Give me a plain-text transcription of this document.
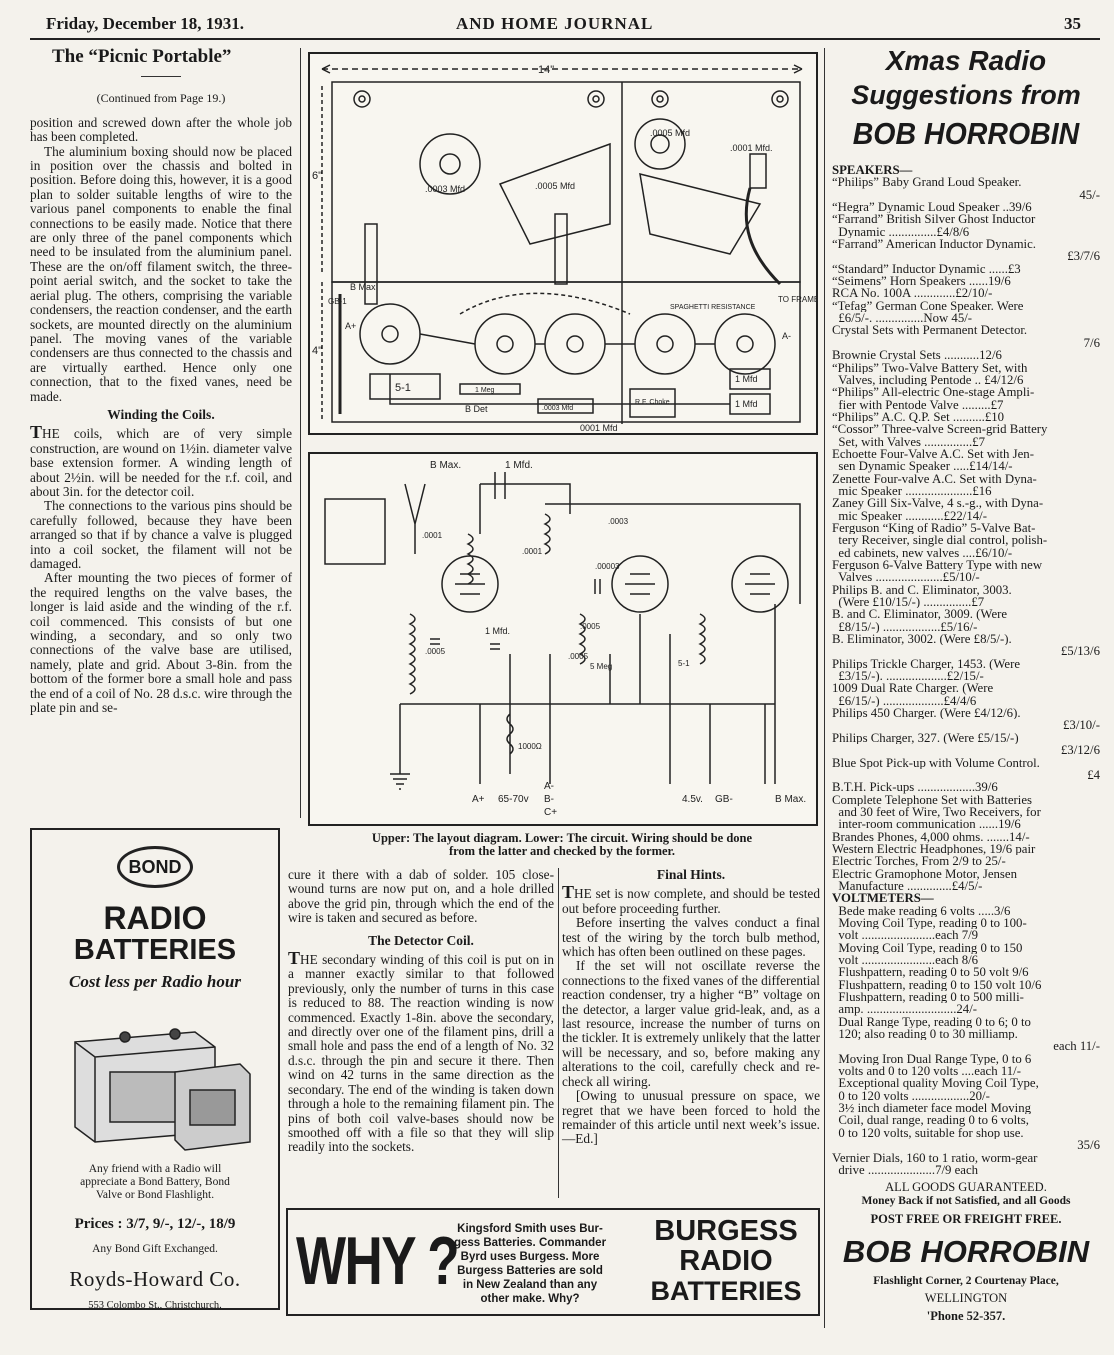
Friday, December 18, 1931.	AND HOME JOURNAL	35
The “Picnic Portable”
(Continued from Page 19.)

position and screwed down after the whole job has been completed.

The aluminium boxing should now be placed in position over the chassis and bolted in position. Before doing this, however, it is a good plan to solder suitable lengths of wire to the various panel components to enable the final connections to be easily made. Notice that there are only three of the panel components which need to be insulated from the aluminium panel. These are the on/off filament switch, the three-point aerial switch, and the socket to take the aerial plug. The others, comprising the variable condensers, the reaction condenser, and the earth sockets, are mounted directly on the aluminium panel. The moving vanes of the variable condensers are thus connected to the chassis and are virtually earthed. Hence only one connection, that to the fixed vanes, need be made.

Winding the Coils.

THE coils, which are of very simple construction, are wound on 1½in. diameter valve base extension former. A winding length of about 2½in. will be needed for the r.f. coil, and about 3in. for the detector coil.

The connections to the various pins should be carefully followed, because they have been arranged so that if by chance a valve is plugged into a coil socket, the filament will not be damaged.

After mounting the two pieces of former of the required lengths on the valve bases, the longer is laid aside and the winding of the r.f. coil commenced. This consists of but one winding, a secondary, and so only two connections of the valve base are utilised, namely, plate and grid. About 3-8in. from the bottom of the former bore a small hole and pass the end of a coil of No. 28 d.s.c. wire through the plate pin and se-

14"
6"
4"
.0003 Mfd	.0005 Mfd
.0005 Mfd
.0001 Mfd.
SPAGHETTI RESISTANCE
TO FRAME
A-
A+
B Max
5-1	1 Meg
B Det	.0003 Mfd
R.F. Choke
1 Mfd
1 Mfd
0001 Mfd
GB-1
B Max.	1 Mfd.
.0001
.0003
.0001
.00003
.0005
.0005
1 Mfd.
.0005
5 Meg
1000Ω
5-1
A+ 65-70v
A-
B-
C+
4.5v. GB-	B Max.
Upper: The layout diagram. Lower: The circuit. Wiring should be done
from the latter and checked by the former.
BOND
RADIO
BATTERIES
Cost less per Radio hour
Any friend with a Radio will
appreciate a Bond Battery, Bond
Valve or Bond Flashlight.
Prices : 3/7, 9/-, 12/-, 18/9
Any Bond Gift Exchanged.
Royds-Howard Co.
553 Colombo St., Christchurch.

cure it there with a dab of solder. 105 close-wound turns are now put on, and a hole drilled above the grid pin, through which the end of the wire is taken and secured as before.

The Detector Coil.

THE secondary winding of this coil is put on in a manner exactly similar to that followed previously, only the number of turns in this case is reduced to 88. The reaction winding is now commenced. Exactly 1-8in. above the secondary, and directly over one of the filament pins, drill a small hole and pass the end of a length of No. 32 d.s.c. through the pin and secure it there. Then wind on 42 turns in the same direction as the secondary. The end of the winding is taken down through a hole to the remaining filament pin. The pins of both coil valve-bases should now be smoothed off with a file so that they will slip readily into the sockets.

Final Hints.

THE set is now complete, and should be tested out before proceeding further.

Before inserting the valves conduct a final test of the wiring by the torch bulb method, which has often been outlined on these pages.

If the set will not oscillate reverse the connections to the fixed vanes of the differential reaction condenser, try a higher “B” voltage on the detector, a larger value grid-leak, and, as a last resource, increase the number of turns on the tickler. It is extremely unlikely that the latter will be necessary, and so, before making any alterations to the coil, carefully check and re-check all wiring.

[Owing to unusual pressure on space, we regret that we have been forced to hold the remainder of this article until next week’s issue.—Ed.]

WHY ? Kingsford Smith uses Bur-
gess Batteries. Commander
Byrd uses Burgess. More
Burgess Batteries are sold
in New Zealand than any
other make. Why?
BURGESS
RADIO
BATTERIES
Xmas Radio
Suggestions from
BOB HORROBIN
SPEAKERS—
“Philips” Baby Grand Loud Speaker.
45/-
“Hegra” Dynamic Loud Speaker ..39/6
“Farrand” British Silver Ghost Inductor
Dynamic ...............£4/8/6
“Farrand” American Inductor Dynamic.
£3/7/6
“Standard” Inductor Dynamic ......£3
“Seimens” Horn Speakers ......19/6
RCA No. 100A .............£2/10/-
“Tefag” German Cone Speaker. Were
£6/5/-. ...............Now 45/-
Crystal Sets with Permanent Detector.
7/6
Brownie Crystal Sets ...........12/6
“Philips” Two-Valve Battery Set, with
Valves, including Pentode .. £4/12/6
“Philips” All-electric One-stage Ampli-
fier with Pentode Valve .........£7
“Philips” A.C. Q.P. Set ..........£10
“Cossor” Three-valve Screen-grid Battery
Set, with Valves ...............£7
Echoette Four-Valve A.C. Set with Jen-
sen Dynamic Speaker .....£14/14/-
Zenette Four-valve A.C. Set with Dyna-
mic Speaker .....................£16
Zaney Gill Six-Valve, 4 s.-g., with Dyna-
mic Speaker ............£22/14/-
Ferguson “King of Radio” 5-Valve Bat-
tery Receiver, single dial control, polish-
ed cabinets, new valves ....£6/10/-
Ferguson 6-Valve Battery Type with new
Valves .....................£5/10/-
Philips B. and C. Eliminator, 3003.
(Were £10/15/-) ...............£7
B. and C. Eliminator, 3009. (Were
£8/15/-) ..................£5/16/-
B. Eliminator, 3002. (Were £8/5/-).
£5/13/6
Philips Trickle Charger, 1453. (Were
£3/15/-). ...................£2/15/-
1009 Dual Rate Charger. (Were
£6/15/-) ...................£4/4/6
Philips 450 Charger. (Were £4/12/6).
£3/10/-
Philips Charger, 327. (Were £5/15/-)
£3/12/6
Blue Spot Pick-up with Volume Control.
£4
B.T.H. Pick-ups ..................39/6
Complete Telephone Set with Batteries
and 30 feet of Wire, Two Receivers, for
inter-room communication ......19/6
Brandes Phones, 4,000 ohms. .......14/-
Western Electric Headphones, 19/6 pair
Electric Torches, From 2/9 to 25/-
Electric Gramophone Motor, Jensen
Manufacture ..............£4/5/-
VOLTMETERS—
Bede make reading 6 volts .....3/6
Moving Coil Type, reading 0 to 100-
volt .......................each 7/9
Moving Coil Type, reading 0 to 150
volt .......................each 8/6
Flushpattern, reading 0 to 50 volt 9/6
Flushpattern, reading 0 to 150 volt 10/6
Flushpattern, reading 0 to 500 milli-
amp. ............................24/-
Dual Range Type, reading 0 to 6; 0 to
120; also reading 0 to 30 milliamp.
each 11/-
Moving Iron Dual Range Type, 0 to 6
volts and 0 to 120 volts ....each 11/-
Exceptional quality Moving Coil Type,
0 to 120 volts ..................20/-
3½ inch diameter face model Moving
Coil, dual range, reading 0 to 6 volts,
0 to 120 volts, suitable for shop use.
35/6
Vernier Dials, 160 to 1 ratio, worm-gear
drive .....................7/9 each
ALL GOODS GUARANTEED.
Money Back if not Satisfied, and all Goods
POST FREE OR FREIGHT FREE.
BOB HORROBIN
Flashlight Corner, 2 Courtenay Place,
WELLINGTON
'Phone 52-357.
